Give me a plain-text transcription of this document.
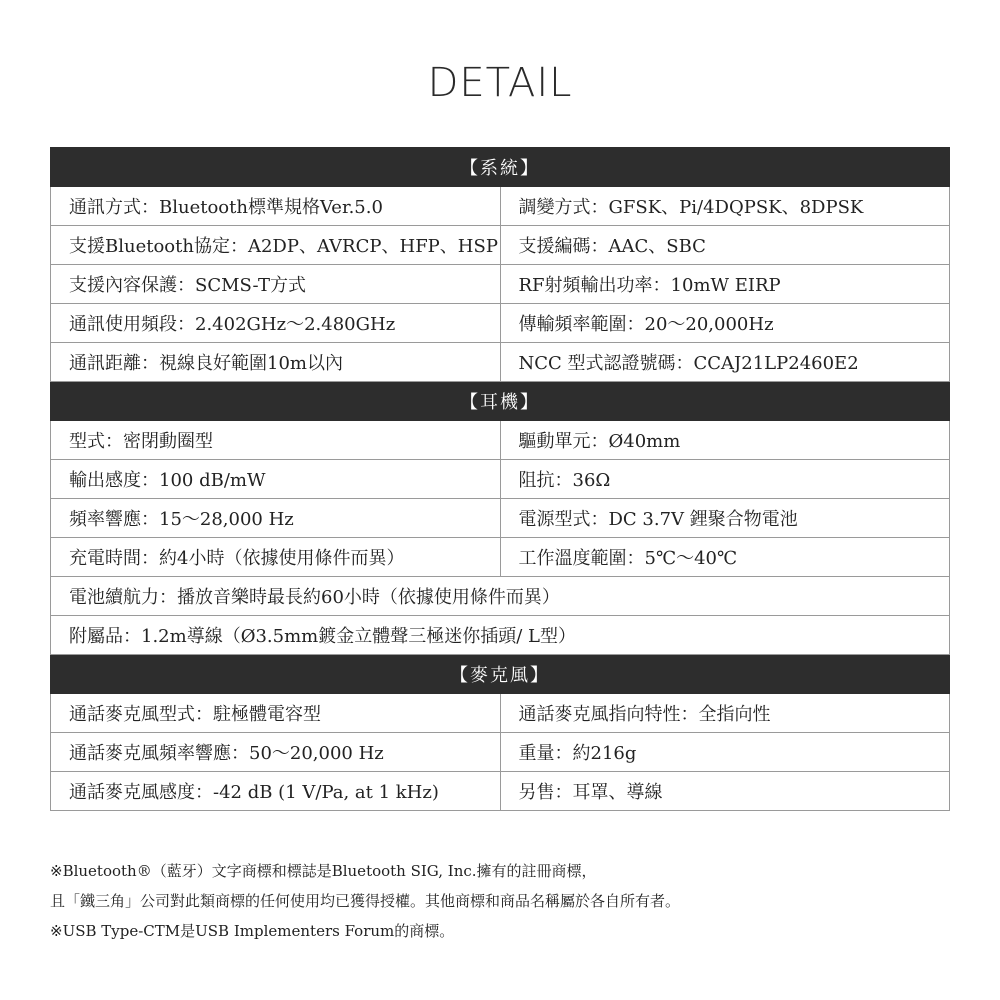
DETAIL
【系統】	
通訊方式：Bluetooth標準規格Ver.5.0	調變方式：GFSK、Pi/4DQPSK、8DPSK
支援Bluetooth協定：A2DP、AVRCP、HFP、HSP	支援編碼：AAC、SBC
支援內容保護：SCMS-T方式	RF射頻輸出功率：10mW EIRP
通訊使用頻段：2.402GHz～2.480GHz	傳輸頻率範圍：20～20,000Hz
通訊距離：視線良好範圍10m以內	NCC 型式認證號碼：CCAJ21LP2460E2
【耳機】	
型式：密閉動圈型	驅動單元：Ø40mm
輸出感度：100 dB/mW	阻抗：36Ω
頻率響應：15～28,000 Hz	電源型式：DC 3.7V 鋰聚合物電池
充電時間：約4小時（依據使用條件而異）	工作溫度範圍：5℃～40℃
電池續航力：播放音樂時最長約60小時（依據使用條件而異）	
附屬品：1.2m導線（Ø3.5mm鍍金立體聲三極迷你插頭/ L型）	
【麥克風】	
通話麥克風型式：駐極體電容型	通話麥克風指向特性：全指向性
通話麥克風頻率響應：50～20,000 Hz	重量：約216g
通話麥克風感度：-42 dB (1 V/Pa, at 1 kHz)	另售：耳罩、導線
※Bluetooth®（藍牙）文字商標和標誌是Bluetooth SIG, Inc.擁有的註冊商標，
且「鐵三角」公司對此類商標的任何使用均已獲得授權。其他商標和商品名稱屬於各自所有者。
※USB Type-CTM是USB Implementers Forum的商標。
